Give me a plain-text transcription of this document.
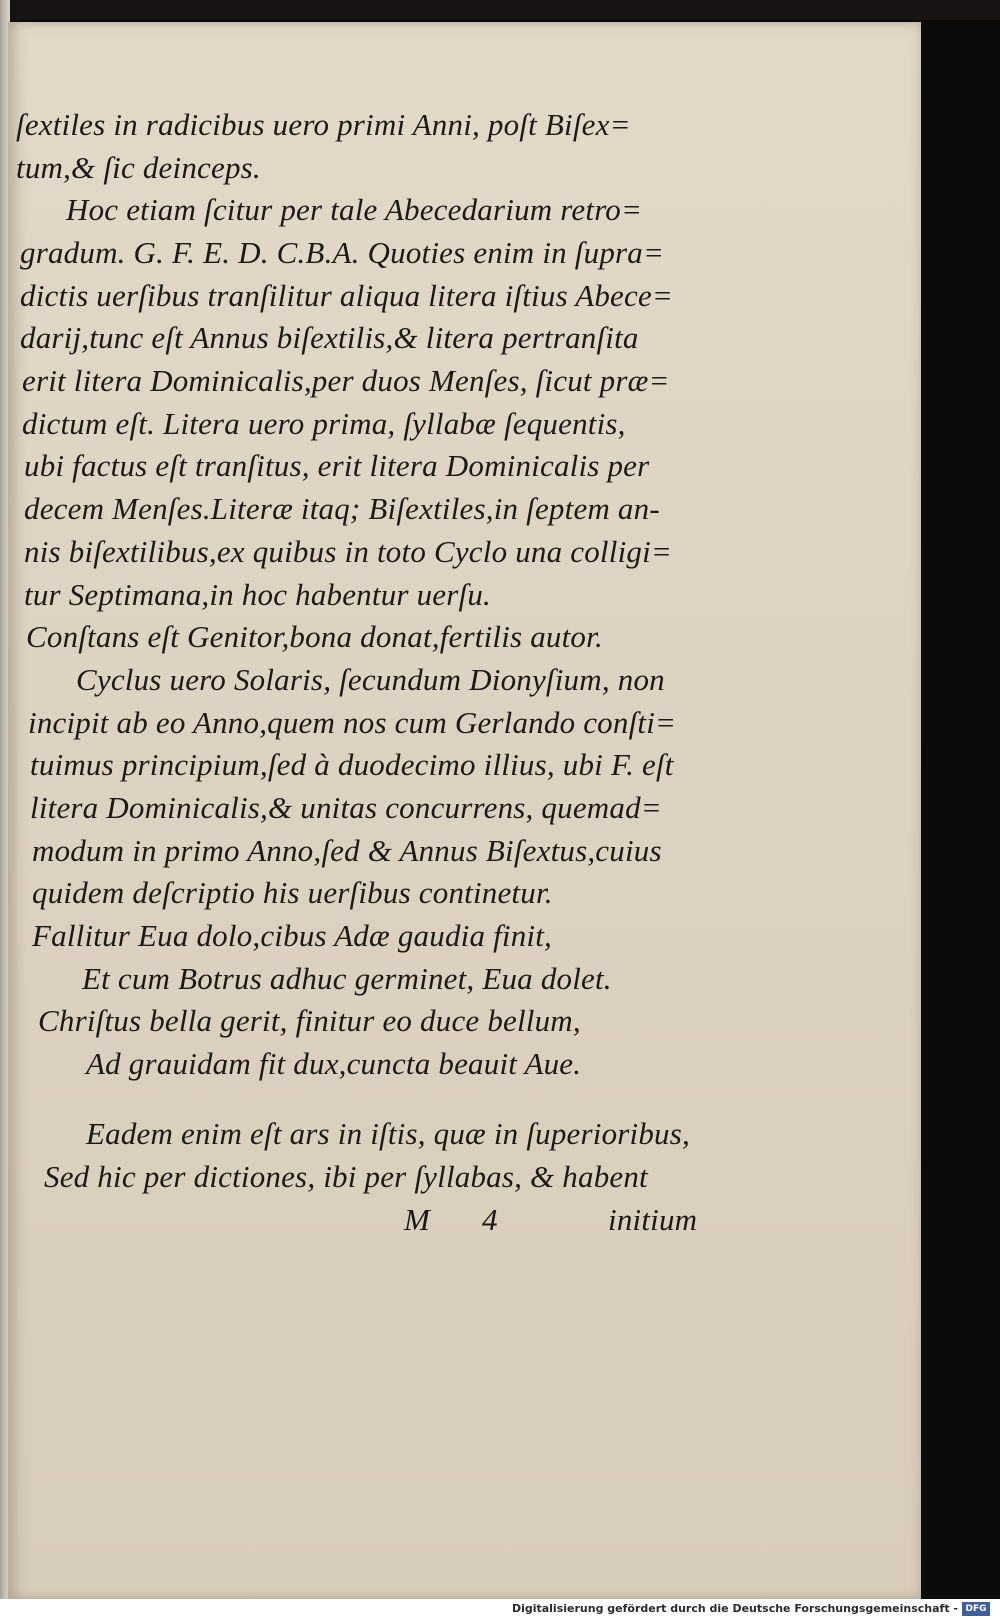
ſextiles in radicibus uero primi Anni, poſt Biſex=
tum,& ſic deinceps.
Hoc etiam ſcitur per tale Abecedarium retro=
gradum. G. F. E. D. C.B.A. Quoties enim in ſupra=
dictis uerſibus tranſilitur aliqua litera iſtius Abece=
darij,tunc eſt Annus biſextilis,& litera pertranſita
erit litera Dominicalis,per duos Menſes, ſicut præ=
dictum eſt. Litera uero prima, ſyllabæ ſequentis,
ubi factus eſt tranſitus, erit litera Dominicalis per
decem Menſes.Literæ itaq; Biſextiles,in ſeptem an-
nis biſextilibus,ex quibus in toto Cyclo una colligi=
tur Septimana,in hoc habentur uerſu.
Conſtans eſt Genitor,bona donat,fertilis autor.
Cyclus uero Solaris, ſecundum Dionyſium, non
incipit ab eo Anno,quem nos cum Gerlando conſti=
tuimus principium,ſed à duodecimo illius, ubi F. eſt
litera Dominicalis,& unitas concurrens, quemad=
modum in primo Anno,ſed & Annus Biſextus,cuius
quidem deſcriptio his uerſibus continetur.
Fallitur Eua dolo,cibus Adæ gaudia finit,
Et cum Botrus adhuc germinet, Eua dolet.
Chriſtus bella gerit, finitur eo duce bellum,
Ad grauidam fit dux,cuncta beauit Aue.
Eadem enim eſt ars in iſtis, quæ in ſuperioribus,
Sed hic per dictiones, ibi per ſyllabas, & habent
M 4	initium
Digitalisierung gefördert durch die Deutsche Forschungsgemeinschaft - DFG
